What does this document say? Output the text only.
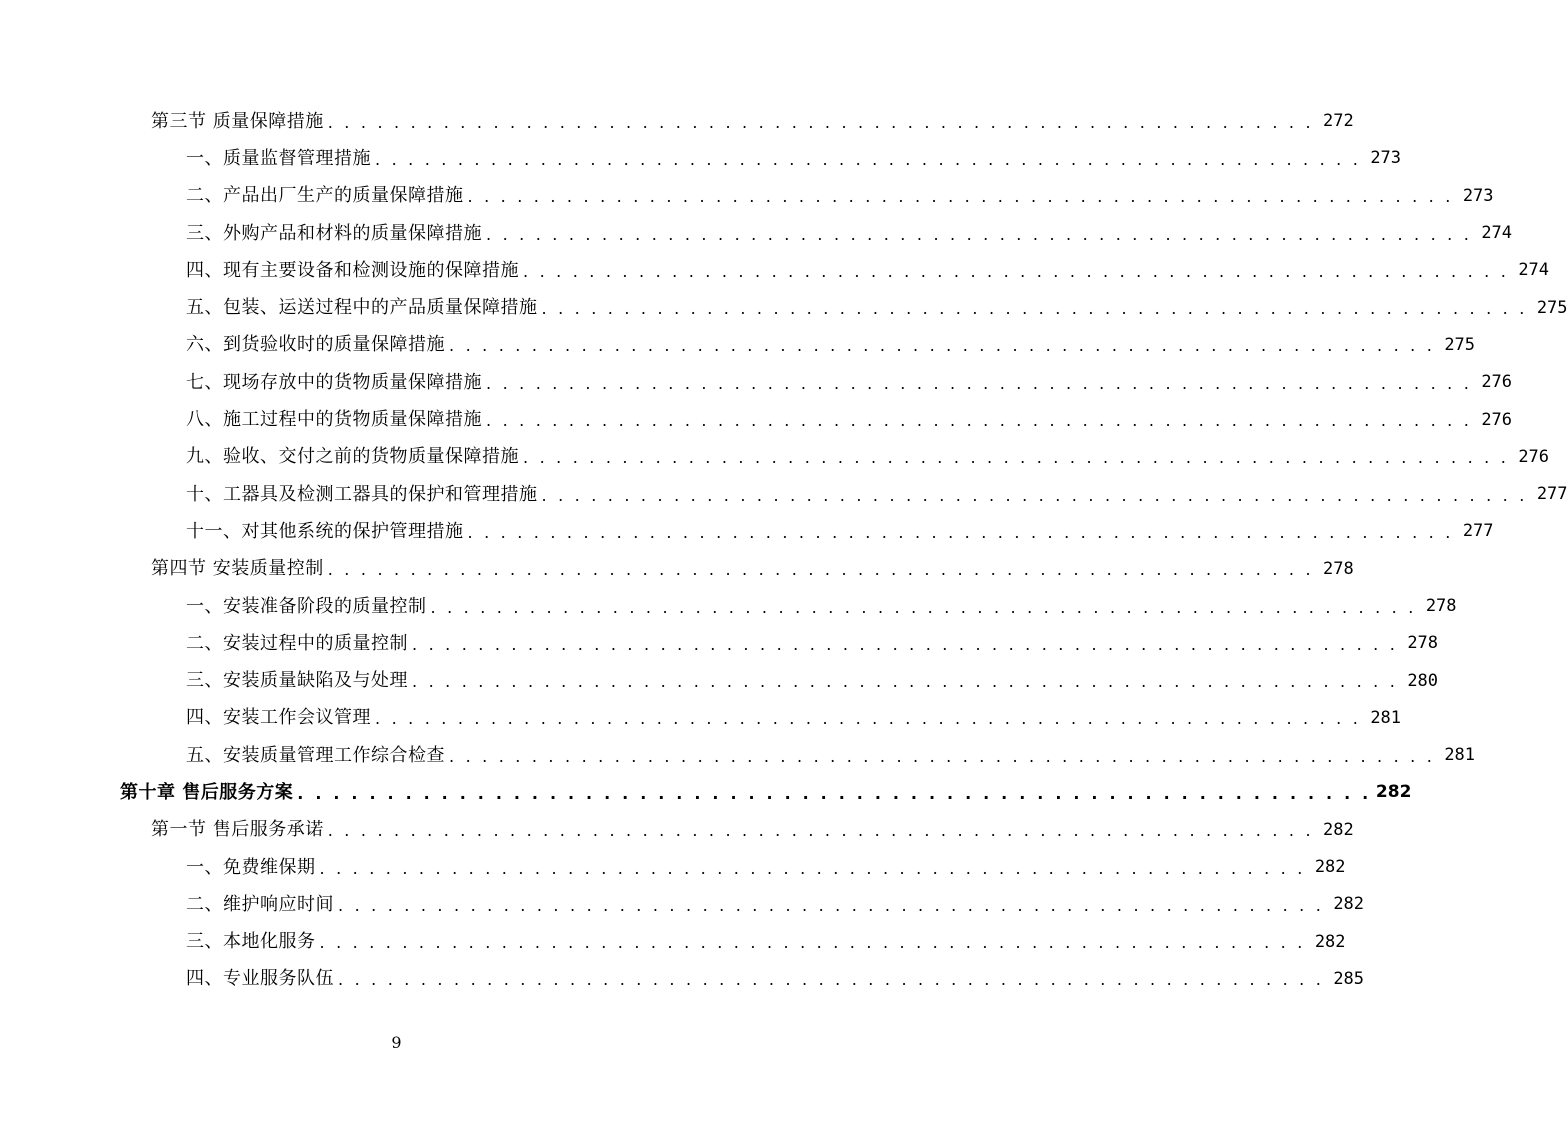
第三节 质量保障措施 . . . . . . . . . . . . . . . . . . . . . . . . . . . . . . . . . . . . . . . . . . . . . . . . . . . . . . . . . . . . 272
一、质量监督管理措施 . . . . . . . . . . . . . . . . . . . . . . . . . . . . . . . . . . . . . . . . . . . . . . . . . . . . . . . . . . . . 273
二、产品出厂生产的质量保障措施 . . . . . . . . . . . . . . . . . . . . . . . . . . . . . . . . . . . . . . . . . . . . . . . . . . . . . . . . . . . . 273
三、外购产品和材料的质量保障措施 . . . . . . . . . . . . . . . . . . . . . . . . . . . . . . . . . . . . . . . . . . . . . . . . . . . . . . . . . . . . 274
四、现有主要设备和检测设施的保障措施 . . . . . . . . . . . . . . . . . . . . . . . . . . . . . . . . . . . . . . . . . . . . . . . . . . . . . . . . . . . . 274
五、包装、运送过程中的产品质量保障措施 . . . . . . . . . . . . . . . . . . . . . . . . . . . . . . . . . . . . . . . . . . . . . . . . . . . . . . . . . . . . 275
六、到货验收时的质量保障措施 . . . . . . . . . . . . . . . . . . . . . . . . . . . . . . . . . . . . . . . . . . . . . . . . . . . . . . . . . . . . 275
七、现场存放中的货物质量保障措施 . . . . . . . . . . . . . . . . . . . . . . . . . . . . . . . . . . . . . . . . . . . . . . . . . . . . . . . . . . . . 276
八、施工过程中的货物质量保障措施 . . . . . . . . . . . . . . . . . . . . . . . . . . . . . . . . . . . . . . . . . . . . . . . . . . . . . . . . . . . . 276
九、验收、交付之前的货物质量保障措施 . . . . . . . . . . . . . . . . . . . . . . . . . . . . . . . . . . . . . . . . . . . . . . . . . . . . . . . . . . . . 276
十、工器具及检测工器具的保护和管理措施 . . . . . . . . . . . . . . . . . . . . . . . . . . . . . . . . . . . . . . . . . . . . . . . . . . . . . . . . . . . . 277
十一、对其他系统的保护管理措施 . . . . . . . . . . . . . . . . . . . . . . . . . . . . . . . . . . . . . . . . . . . . . . . . . . . . . . . . . . . . 277
第四节 安装质量控制 . . . . . . . . . . . . . . . . . . . . . . . . . . . . . . . . . . . . . . . . . . . . . . . . . . . . . . . . . . . . 278
一、安装准备阶段的质量控制 . . . . . . . . . . . . . . . . . . . . . . . . . . . . . . . . . . . . . . . . . . . . . . . . . . . . . . . . . . . . 278
二、安装过程中的质量控制 . . . . . . . . . . . . . . . . . . . . . . . . . . . . . . . . . . . . . . . . . . . . . . . . . . . . . . . . . . . . 278
三、安装质量缺陷及与处理 . . . . . . . . . . . . . . . . . . . . . . . . . . . . . . . . . . . . . . . . . . . . . . . . . . . . . . . . . . . . 280
四、安装工作会议管理 . . . . . . . . . . . . . . . . . . . . . . . . . . . . . . . . . . . . . . . . . . . . . . . . . . . . . . . . . . . . 281
五、安装质量管理工作综合检查 . . . . . . . . . . . . . . . . . . . . . . . . . . . . . . . . . . . . . . . . . . . . . . . . . . . . . . . . . . . . 281
第十章 售后服务方案 . . . . . . . . . . . . . . . . . . . . . . . . . . . . . . . . . . . . . . . . . . . . . . . . . . . . . . . . . . . . 282
第一节 售后服务承诺 . . . . . . . . . . . . . . . . . . . . . . . . . . . . . . . . . . . . . . . . . . . . . . . . . . . . . . . . . . . . 282
一、免费维保期 . . . . . . . . . . . . . . . . . . . . . . . . . . . . . . . . . . . . . . . . . . . . . . . . . . . . . . . . . . . . 282
二、维护响应时间 . . . . . . . . . . . . . . . . . . . . . . . . . . . . . . . . . . . . . . . . . . . . . . . . . . . . . . . . . . . . 282
三、本地化服务 . . . . . . . . . . . . . . . . . . . . . . . . . . . . . . . . . . . . . . . . . . . . . . . . . . . . . . . . . . . . 282
四、专业服务队伍 . . . . . . . . . . . . . . . . . . . . . . . . . . . . . . . . . . . . . . . . . . . . . . . . . . . . . . . . . . . . 285
9
